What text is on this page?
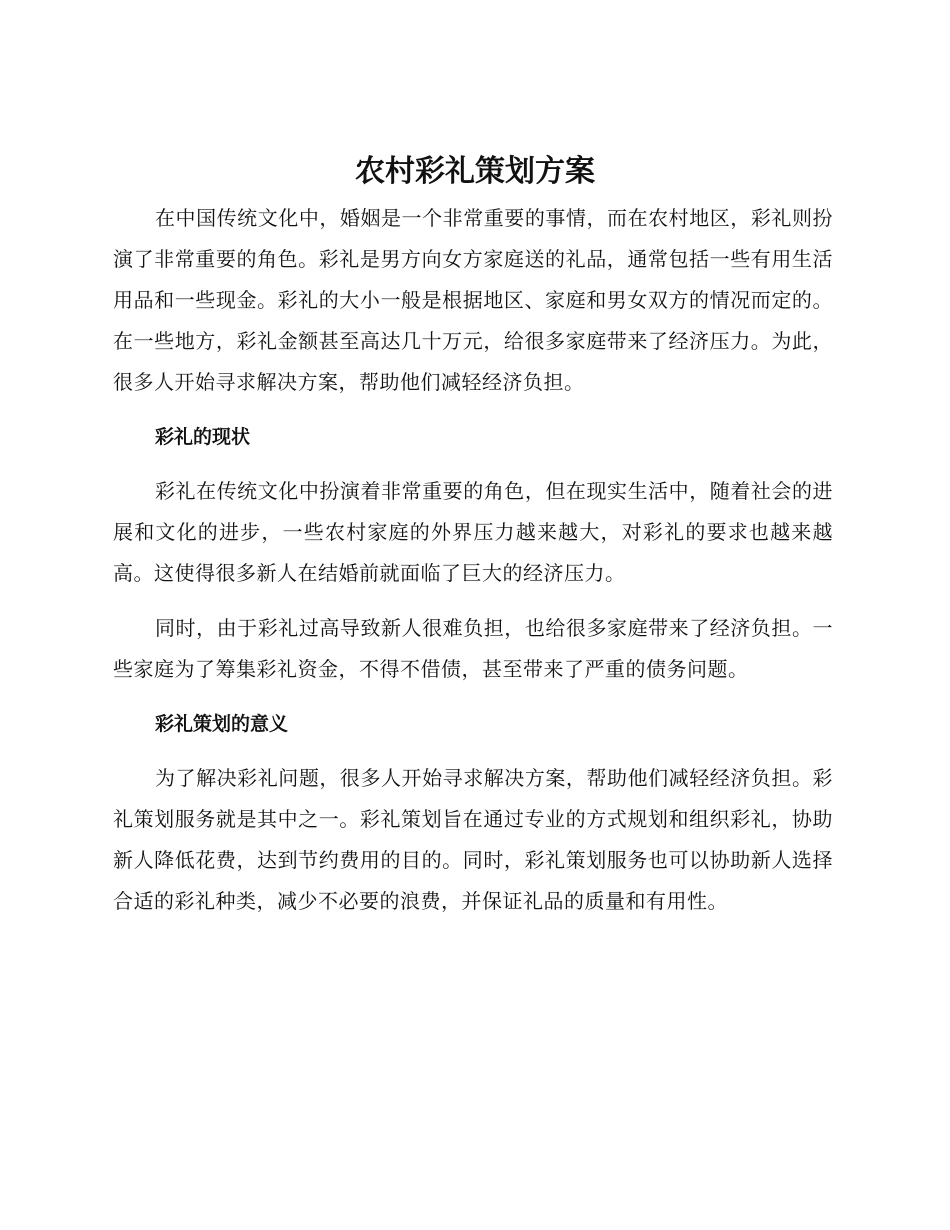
农村彩礼策划方案

在中国传统文化中，婚姻是一个非常重要的事情，而在农村地区，彩礼则扮演了非常重要的角色。彩礼是男方向女方家庭送的礼品，通常包括一些有用生活用品和一些现金。彩礼的大小一般是根据地区、家庭和男女双方的情况而定的。在一些地方，彩礼金额甚至高达几十万元，给很多家庭带来了经济压力。为此，很多人开始寻求解决方案，帮助他们减轻经济负担。

彩礼的现状

彩礼在传统文化中扮演着非常重要的角色，但在现实生活中，随着社会的进展和文化的进步，一些农村家庭的外界压力越来越大，对彩礼的要求也越来越高。这使得很多新人在结婚前就面临了巨大的经济压力。

同时，由于彩礼过高导致新人很难负担，也给很多家庭带来了经济负担。一些家庭为了筹集彩礼资金，不得不借债，甚至带来了严重的债务问题。

彩礼策划的意义

为了解决彩礼问题，很多人开始寻求解决方案，帮助他们减轻经济负担。彩礼策划服务就是其中之一。彩礼策划旨在通过专业的方式规划和组织彩礼，协助新人降低花费，达到节约费用的目的。同时，彩礼策划服务也可以协助新人选择合适的彩礼种类，减少不必要的浪费，并保证礼品的质量和有用性。
